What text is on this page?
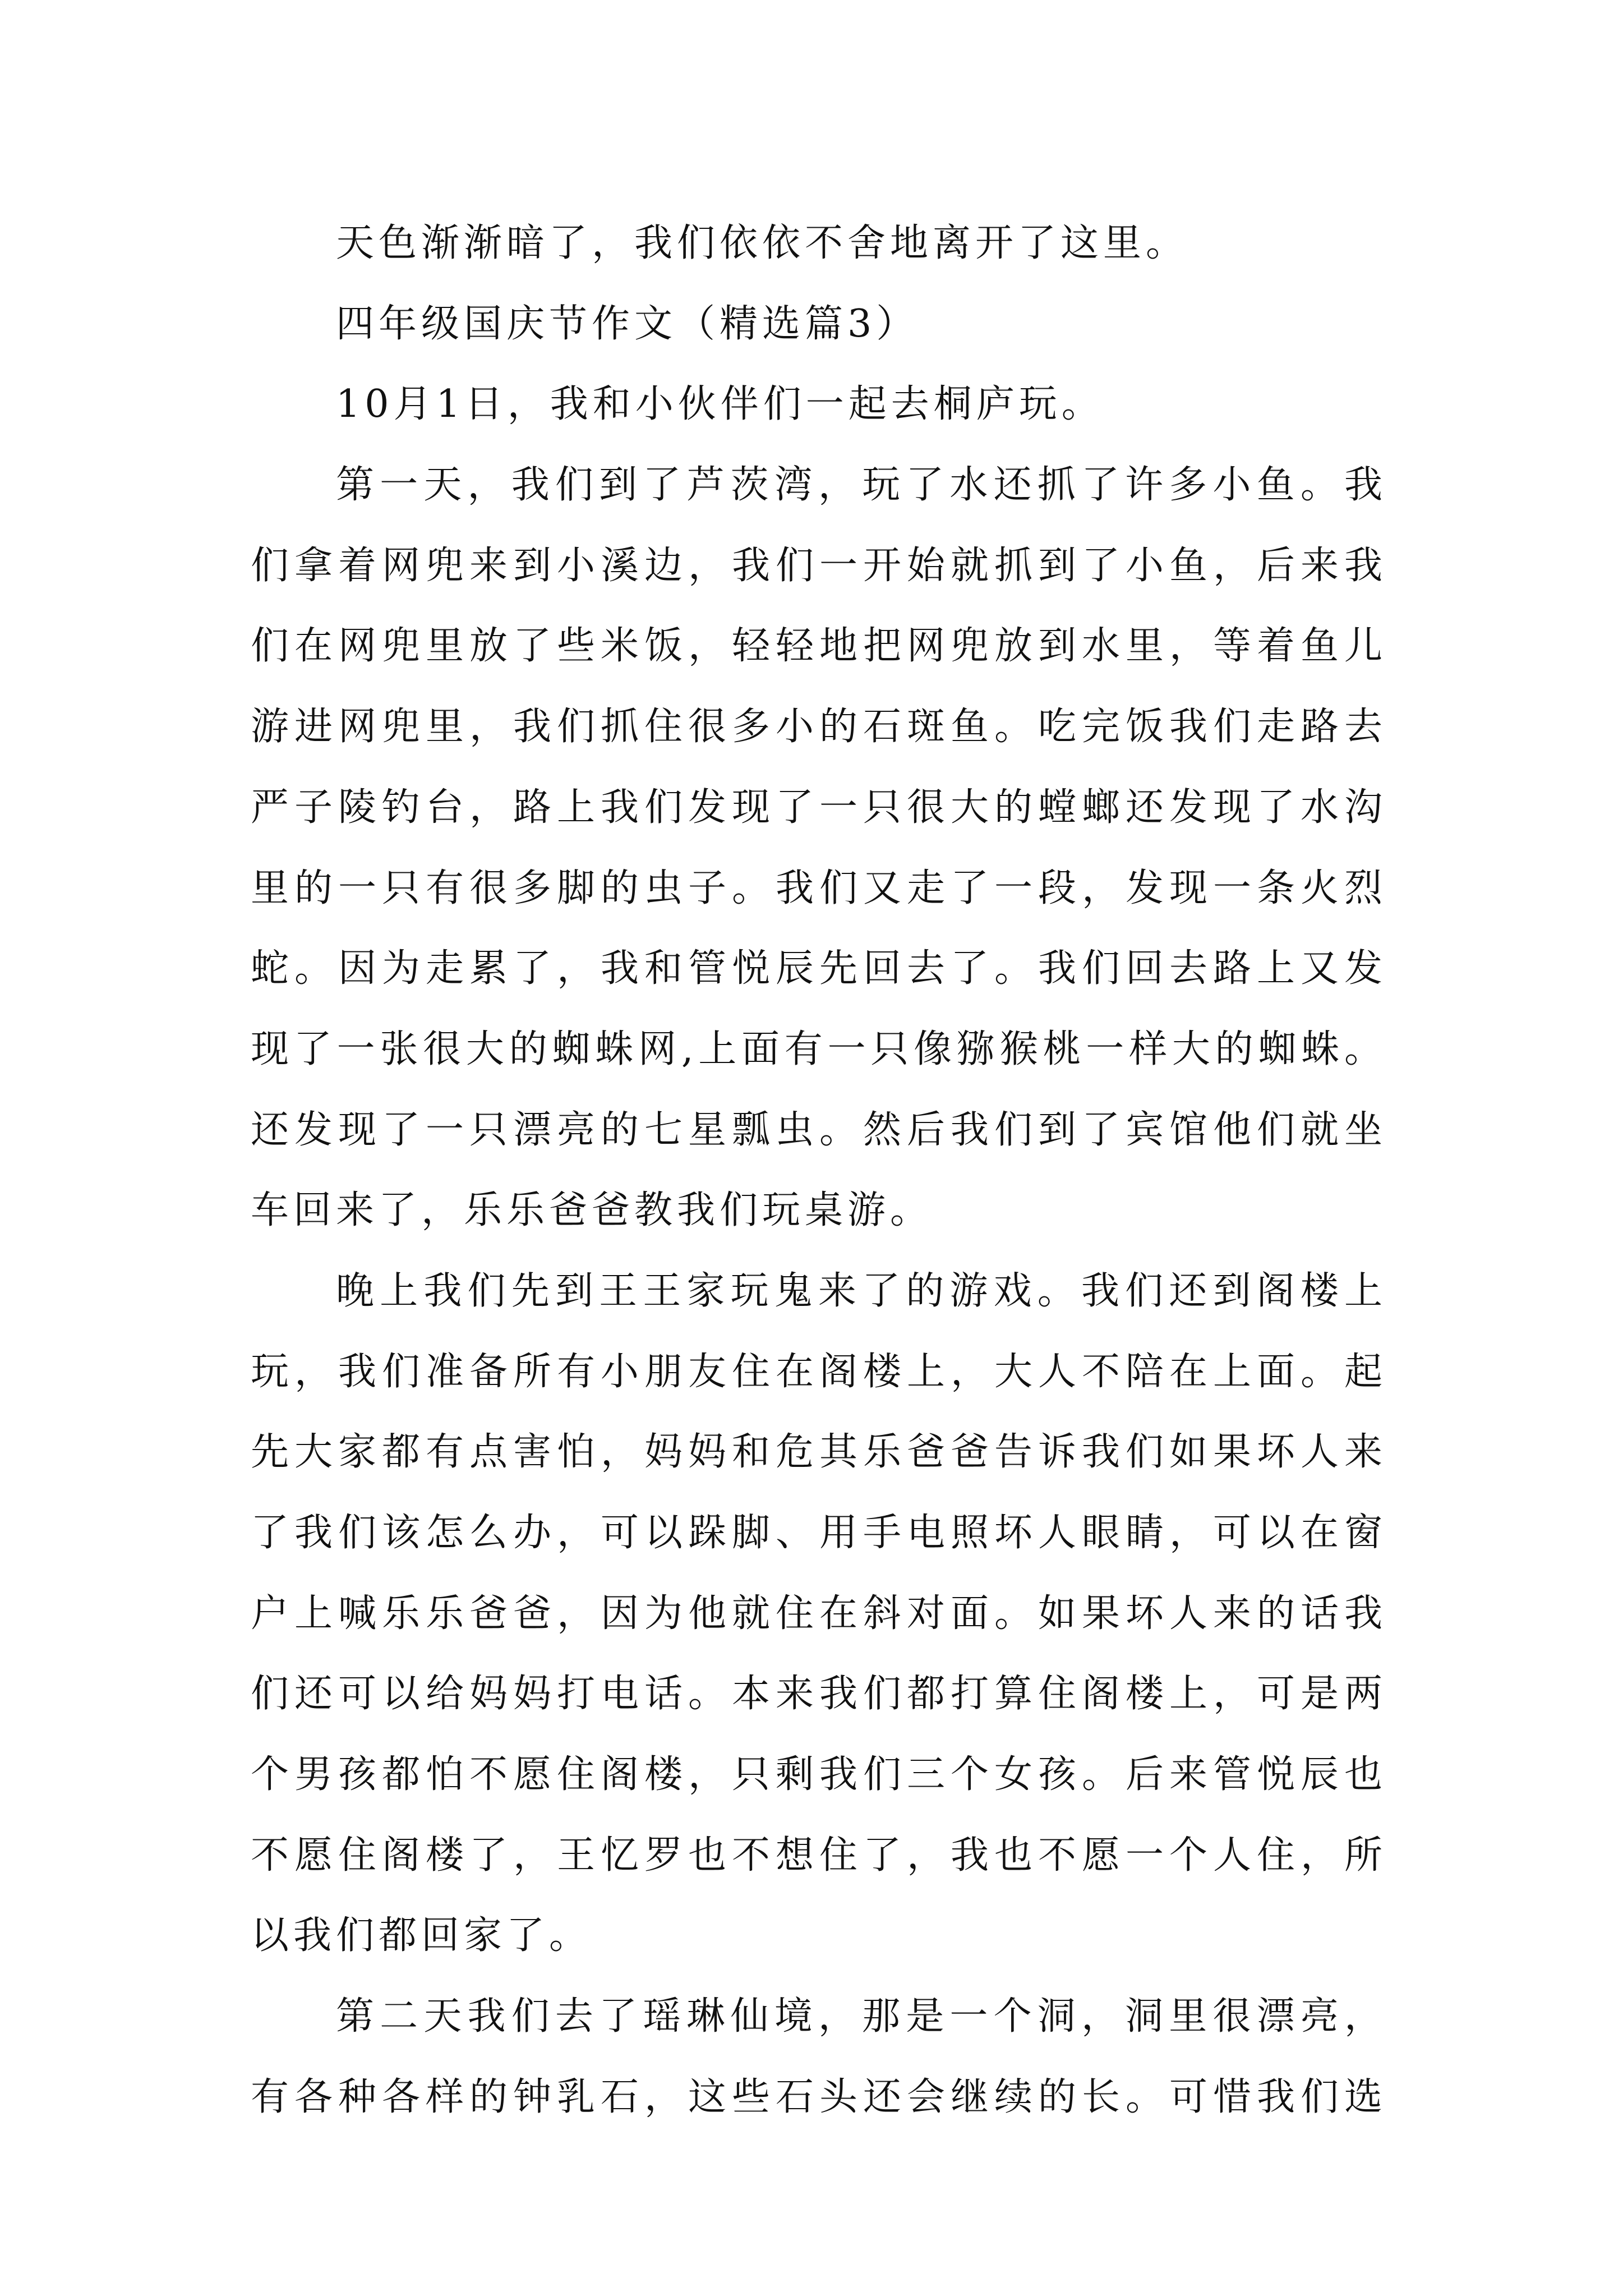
天色渐渐暗了，我们依依不舍地离开了这里。
四年级国庆节作文（精选篇3）
10月1日，我和小伙伴们一起去桐庐玩。
第一天，我们到了芦茨湾，玩了水还抓了许多小鱼。我
们拿着网兜来到小溪边，我们一开始就抓到了小鱼，后来我
们在网兜里放了些米饭，轻轻地把网兜放到水里，等着鱼儿
游进网兜里，我们抓住很多小的石斑鱼。吃完饭我们走路去
严子陵钓台，路上我们发现了一只很大的螳螂还发现了水沟
里的一只有很多脚的虫子。我们又走了一段，发现一条火烈
蛇。因为走累了，我和管悦辰先回去了。我们回去路上又发
现了一张很大的蜘蛛网,上面有一只像猕猴桃一样大的蜘蛛。
还发现了一只漂亮的七星瓢虫。然后我们到了宾馆他们就坐
车回来了，乐乐爸爸教我们玩桌游。
晚上我们先到王王家玩鬼来了的游戏。我们还到阁楼上
玩，我们准备所有小朋友住在阁楼上，大人不陪在上面。起
先大家都有点害怕，妈妈和危其乐爸爸告诉我们如果坏人来
了我们该怎么办，可以跺脚、用手电照坏人眼睛，可以在窗
户上喊乐乐爸爸，因为他就住在斜对面。如果坏人来的话我
们还可以给妈妈打电话。本来我们都打算住阁楼上，可是两
个男孩都怕不愿住阁楼，只剩我们三个女孩。后来管悦辰也
不愿住阁楼了，王忆罗也不想住了，我也不愿一个人住，所
以我们都回家了。
第二天我们去了瑶琳仙境，那是一个洞，洞里很漂亮，
有各种各样的钟乳石，这些石头还会继续的长。可惜我们选
